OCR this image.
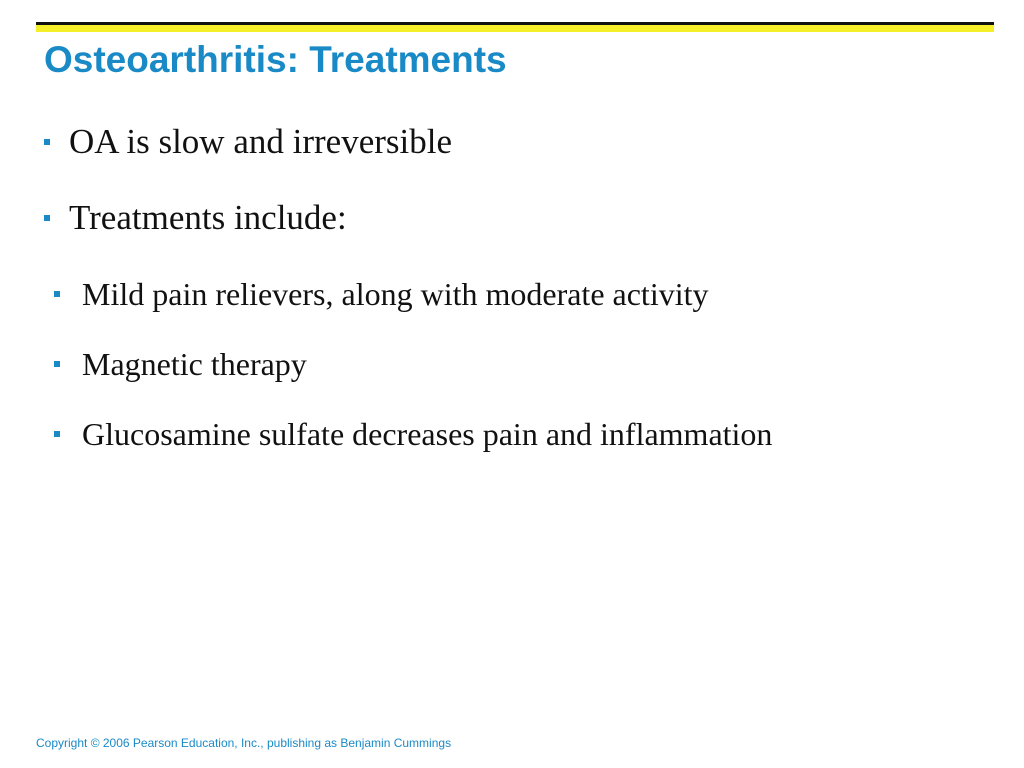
Osteoarthritis: Treatments
OA is slow and irreversible
Treatments include:
Mild pain relievers, along with moderate activity
Magnetic therapy
Glucosamine sulfate decreases pain and inflammation
Copyright © 2006 Pearson Education, Inc., publishing as Benjamin Cummings
